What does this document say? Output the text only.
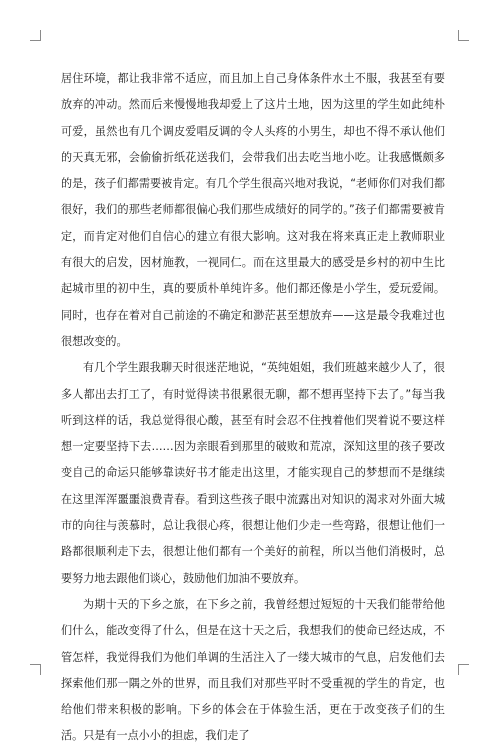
居住环境，都让我非常不适应，而且加上自己身体条件水土不服，我甚至有要放弃的冲动。然而后来慢慢地我却爱上了这片土地，因为这里的学生如此纯朴可爱，虽然也有几个调皮爱唱反调的令人头疼的小男生，却也不得不承认他们的天真无邪，会偷偷折纸花送我们，会带我们出去吃当地小吃。让我感慨颇多的是，孩子们都需要被肯定。有几个学生很高兴地对我说，“老师你们对我们都很好，我们的那些老师都很偏心我们那些成绩好的同学的。”孩子们都需要被肯定，而肯定对他们自信心的建立有很大影响。这对我在将来真正走上教师职业有很大的启发，因材施教，一视同仁。而在这里最大的感受是乡村的初中生比起城市里的初中生，真的要质朴单纯许多。他们都还像是小学生，爱玩爱闹。同时，也存在着对自己前途的不确定和渺茫甚至想放弃——这是最令我难过也很想改变的。

有几个学生跟我聊天时很迷茫地说，“英纯姐姐，我们班越来越少人了，很多人都出去打工了，有时觉得读书很累很无聊，都不想再坚持下去了。”每当我听到这样的话，我总觉得很心酸，甚至有时会忍不住拽着他们哭着说不要这样想一定要坚持下去……因为亲眼看到那里的破败和荒凉，深知这里的孩子要改变自己的命运只能够靠读好书才能走出这里，才能实现自己的梦想而不是继续在这里浑浑噩噩浪费青春。看到这些孩子眼中流露出对知识的渴求对外面大城市的向往与羡慕时，总让我很心疼，很想让他们少走一些弯路，很想让他们一路都很顺利走下去，很想让他们都有一个美好的前程，所以当他们消极时，总要努力地去跟他们谈心，鼓励他们加油不要放弃。

为期十天的下乡之旅，在下乡之前，我曾经想过短短的十天我们能带给他们什么，能改变得了什么，但是在这十天之后，我想我们的使命已经达成，不管怎样，我觉得我们为他们单调的生活注入了一缕大城市的气息，启发他们去探索他们那一隅之外的世界，而且我们对那些平时不受重视的学生的肯定，也给他们带来积极的影响。下乡的体会在于体验生活，更在于改变孩子们的生活。只是有一点小小的担虑，我们走了
